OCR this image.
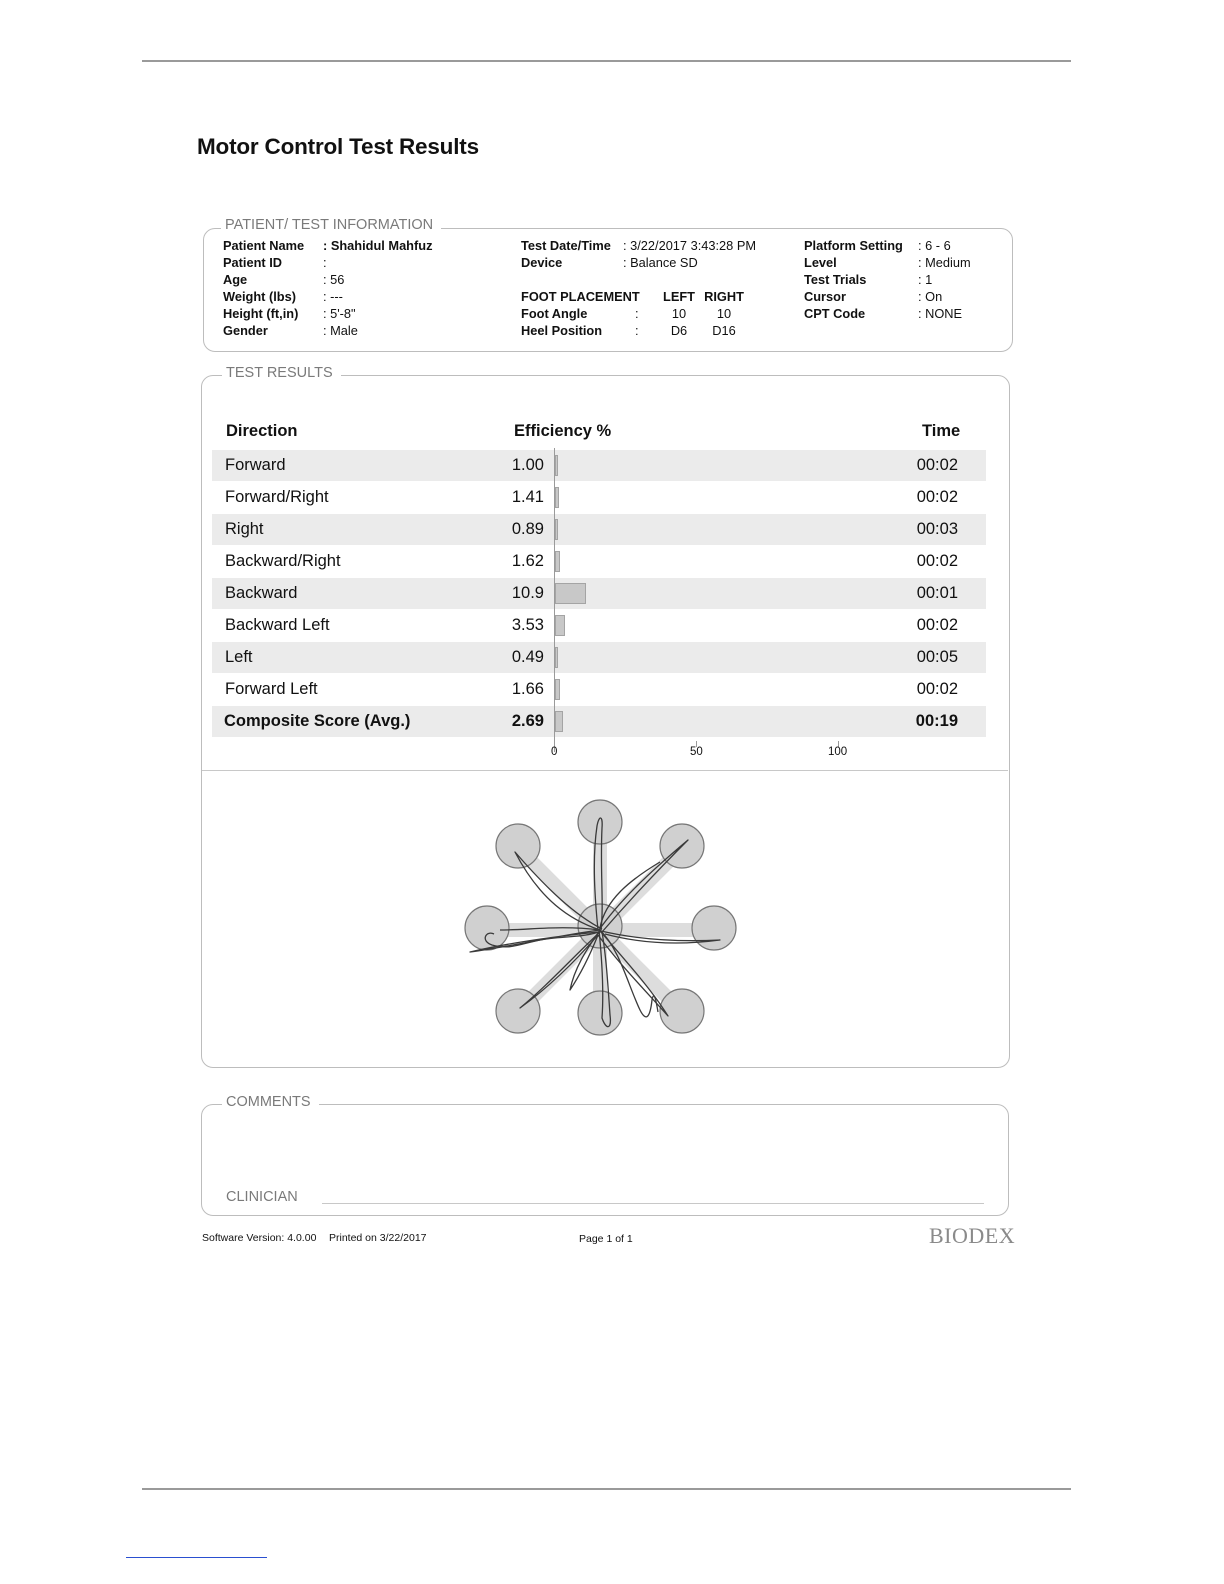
Motor Control Test Results
PATIENT/ TEST INFORMATION
Patient Name	: Shahidul Mahfuz
Patient ID	:
Age	: 56
Weight (lbs)	: ---
Height (ft,in)	: 5'-8"
Gender	: Male
Test Date/Time : 3/22/2017 3:43:28 PM
Device	: Balance SD
FOOT PLACEMENT	LEFT RIGHT
Foot Angle	:	10	10
Heel Position	:	D6	D16
Platform Setting	: 6 - 6
Level	: Medium
Test Trials	: 1
Cursor	: On
CPT Code	: NONE
TEST RESULTS
Direction	Efficiency %	Time
Forward	1.00	00:02
Forward/Right	1.41	00:02
Right	0.89	00:03
Backward/Right	1.62	00:02
Backward	10.9	00:01
Backward Left	3.53	00:02
Left	0.49	00:05
Forward Left	1.66	00:02
Composite Score (Avg.)	2.69	00:19
0	50	100
COMMENTS
CLINICIAN
Software Version: 4.0.00 Printed on 3/22/2017	Page 1 of 1	BIODEX
